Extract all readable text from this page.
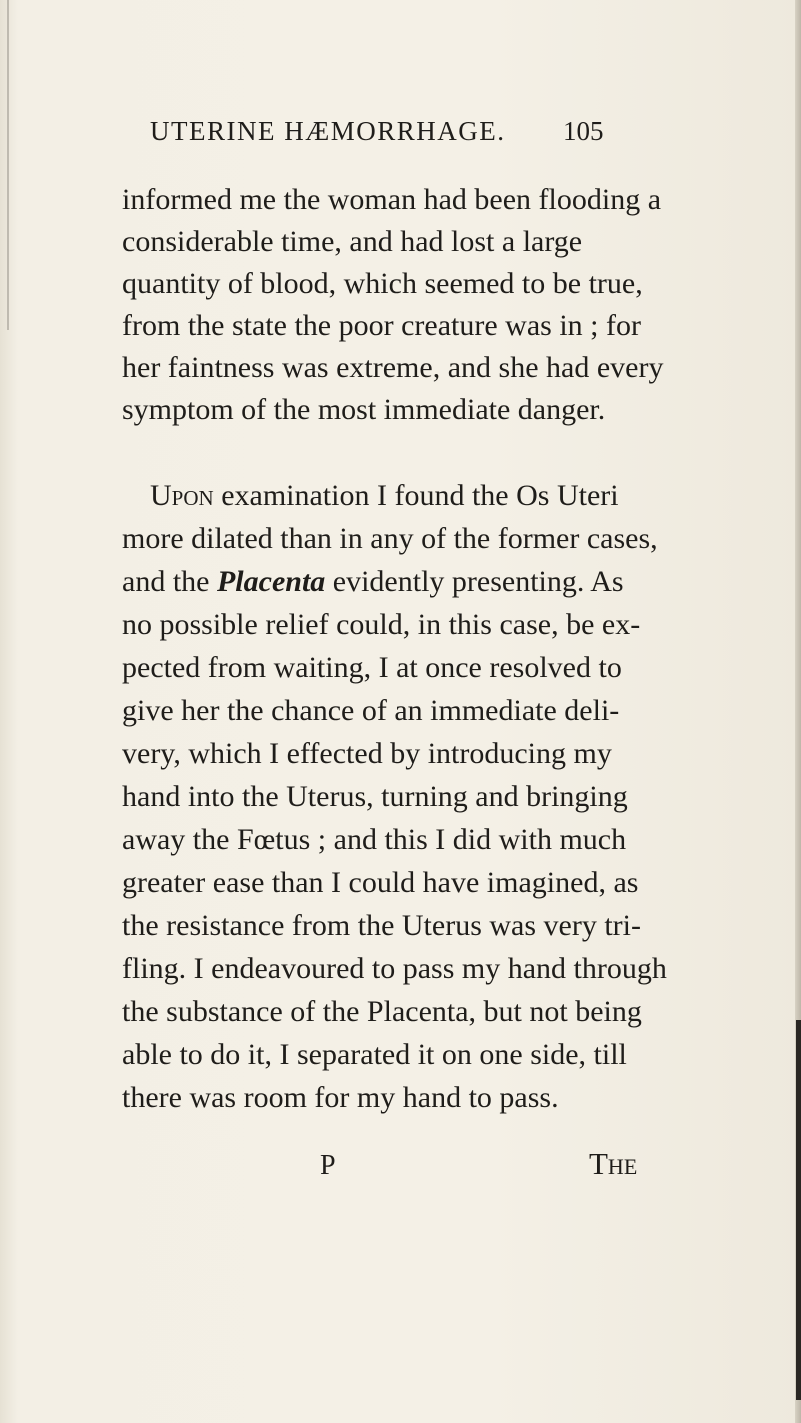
UTERINE HÆMORRHAGE. 105
informed me the woman had been flooding a
considerable time, and had lost a large
quantity of blood, which seemed to be true,
from the state the poor creature was in ; for
her faintness was extreme, and she had every
symptom of the most immediate danger.
Upon examination I found the Os Uteri
more dilated than in any of the former cases,
and the Placenta evidently presenting. As
no possible relief could, in this case, be ex-
pected from waiting, I at once resolved to
give her the chance of an immediate deli-
very, which I effected by introducing my
hand into the Uterus, turning and bringing
away the Fœtus ; and this I did with much
greater ease than I could have imagined, as
the resistance from the Uterus was very tri-
fling. I endeavoured to pass my hand through
the substance of the Placenta, but not being
able to do it, I separated it on one side, till
there was room for my hand to pass.
P	The
